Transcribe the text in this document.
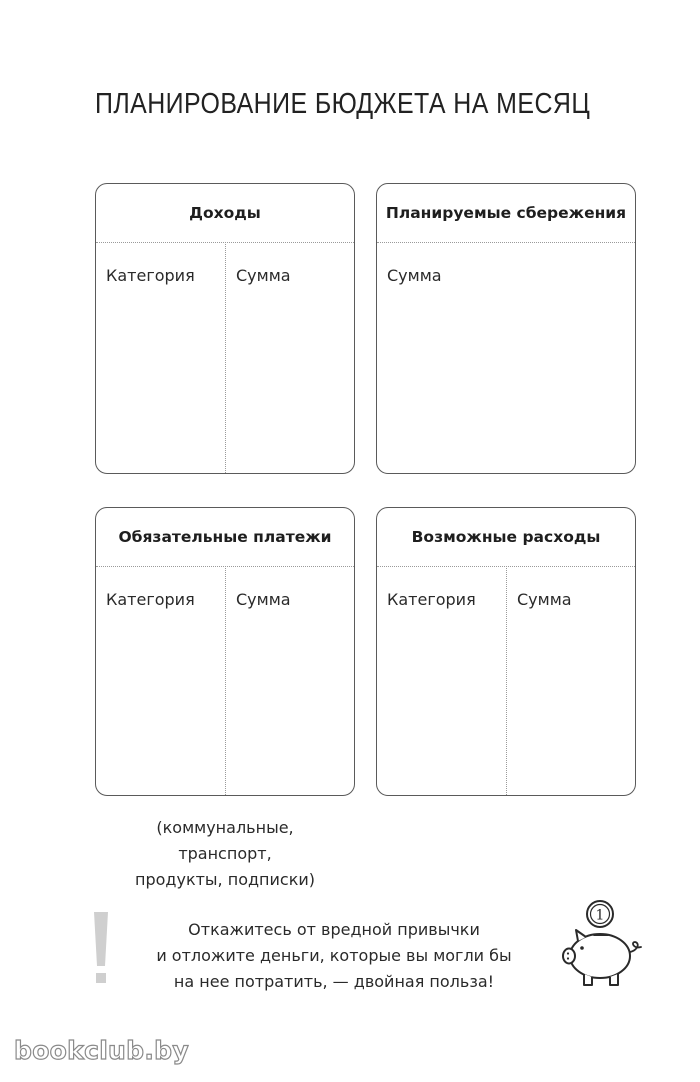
ПЛАНИРОВАНИЕ БЮДЖЕТА НА МЕСЯЦ
Доходы
Категория	Сумма
Планируемые сбережения
Сумма
Обязательные платежи
Категория	Сумма
Возможные расходы
Категория	Сумма
(коммунальные,
транспорт,
продукты, подписки)
Откажитесь от вредной привычки
и отложите деньги, которые вы могли бы
на нее потратить, — двойная польза!
1
bookclub.by
